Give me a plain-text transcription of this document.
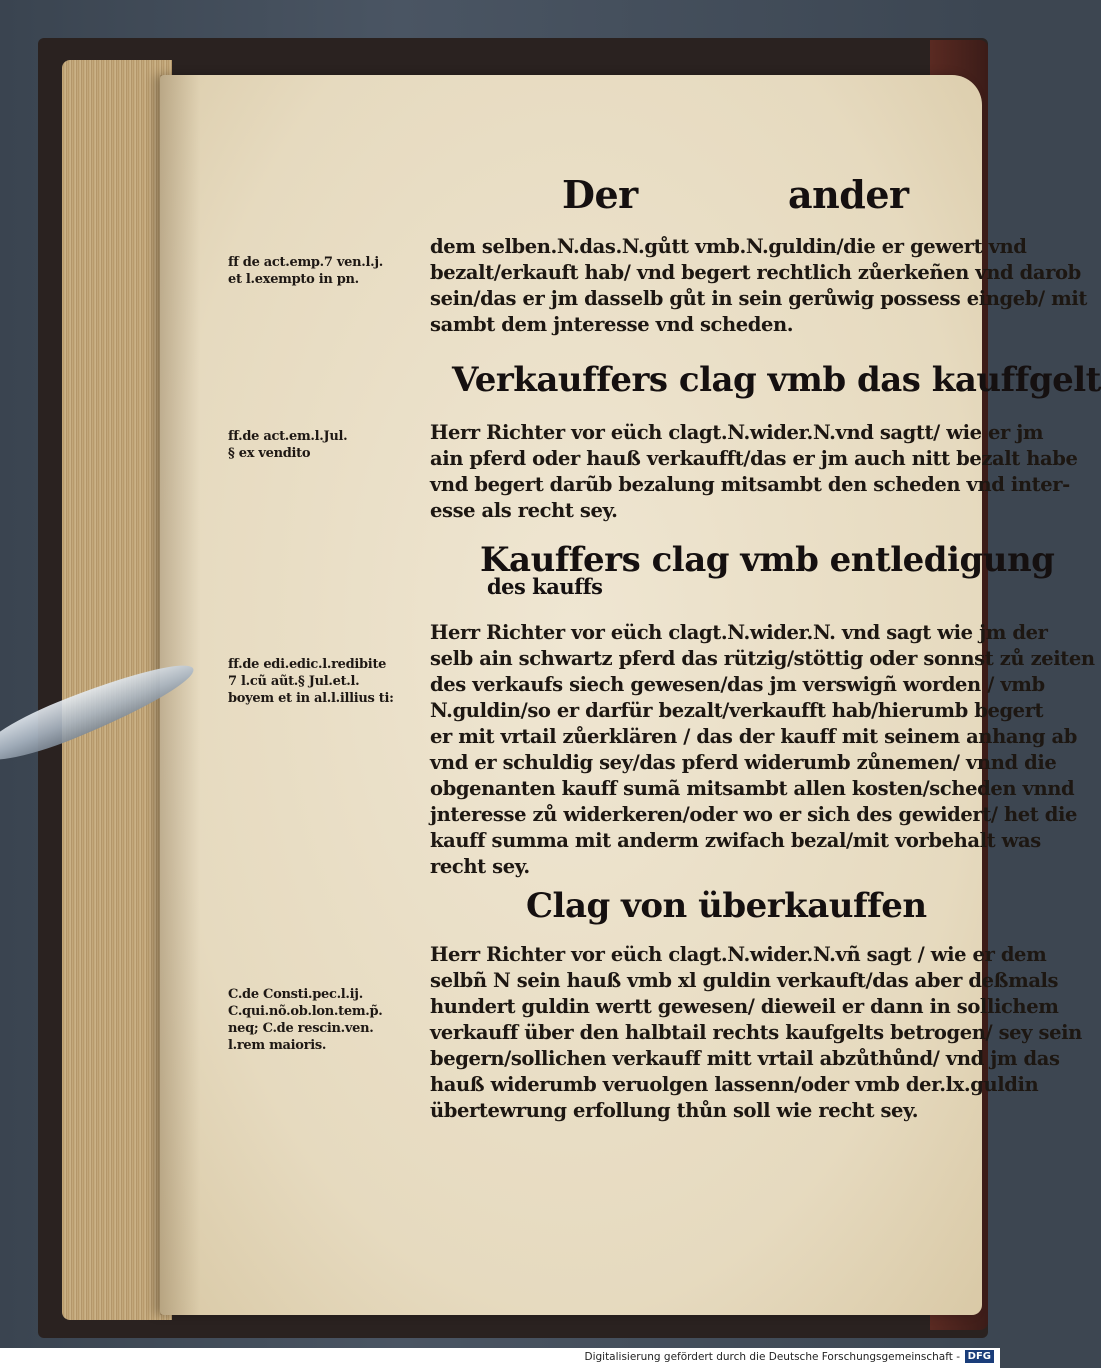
Der	ander
ff de act.emp.7 ven.l.j.
et l.exempto in pn.
ff.de act.em.l.Jul.
§ ex vendito
ff.de edi.edic.l.redibite
7 l.cũ aũt.§ Jul.et.l.
boyem et in al.l.illius ti:
C.de Consti.pec.l.ij.
C.qui.nõ.ob.lon.tem.p̃.
neq; C.de rescin.ven.
l.rem maioris.
dem selben.N.das.N.gůtt vmb.N.guldin/die er gewert vnd
bezalt/erkauft hab/ vnd begert rechtlich zůerkeñen vnd darob
sein/das er jm dasselb gůt in sein gerůwig possess eingeb/ mit
sambt dem jnteresse vnd scheden.
Verkauffers clag vmb das kauffgelt
Herr Richter vor eüch clagt.N.wider.N.vnd sagtt/ wie er jm
ain pferd oder hauß verkaufft/das er jm auch nitt bezalt habe
vnd begert darũb bezalung mitsambt den scheden vnd inter-
esse als recht sey.
Kauffers clag vmb entledigung
des kauffs
Herr Richter vor eüch clagt.N.wider.N. vnd sagt wie jm der
selb ain schwartz pferd das rützig/stöttig oder sonnst zů zeiten
des verkaufs siech gewesen/das jm verswigñ worden / vmb
N.guldin/so er darfür bezalt/verkaufft hab/hierumb begert
er mit vrtail zůerklären / das der kauff mit seinem anhang ab
vnd er schuldig sey/das pferd widerumb zůnemen/ vnnd die
obgenanten kauff sumã mitsambt allen kosten/scheden vnnd
jnteresse zů widerkeren/oder wo er sich des gewidert/ het die
kauff summa mit anderm zwifach bezal/mit vorbehalt was
recht sey.
Clag von überkauffen
Herr Richter vor eüch clagt.N.wider.N.vñ sagt / wie er dem
selbñ N sein hauß vmb xl guldin verkauft/das aber deßmals
hundert guldin wertt gewesen/ dieweil er dann in sollichem
verkauff über den halbtail rechts kaufgelts betrogen/ sey sein
begern/sollichen verkauff mitt vrtail abzůthůnd/ vnd jm das
hauß widerumb veruolgen lassenn/oder vmb der.lx.guldin
übertewrung erfollung thůn soll wie recht sey.
Digitalisierung gefördert durch die Deutsche Forschungsgemeinschaft - DFG
